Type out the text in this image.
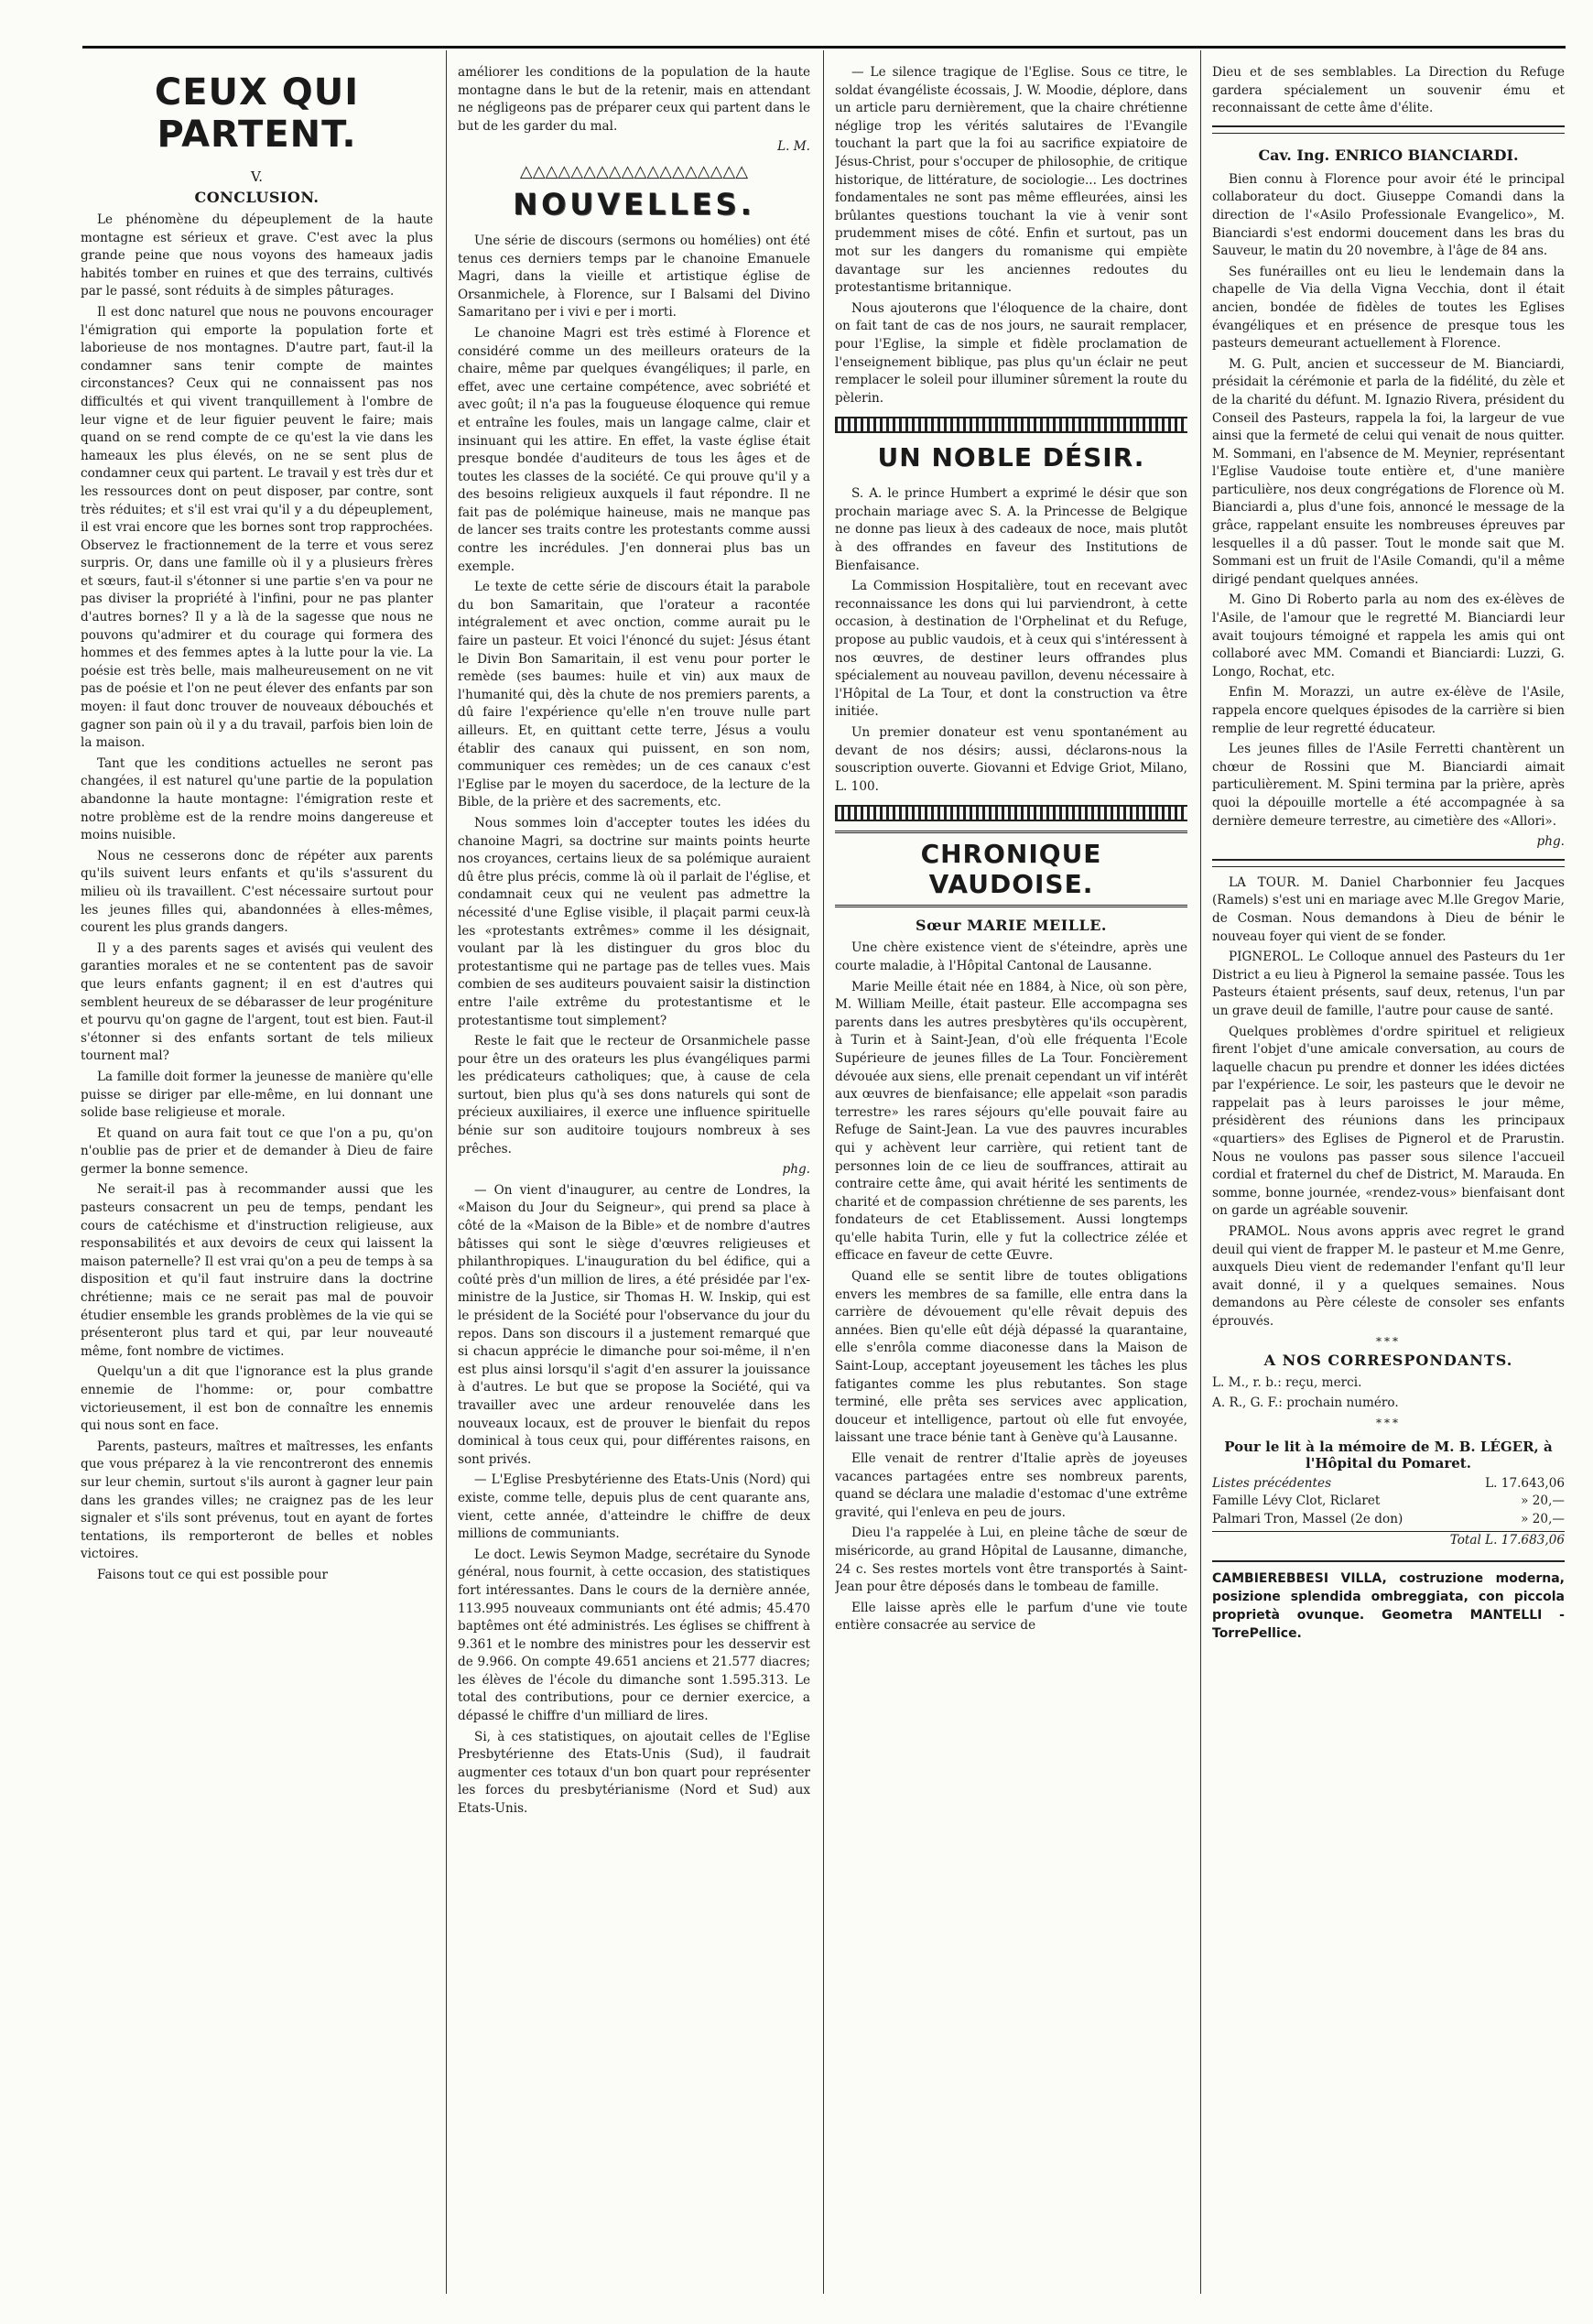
CEUX QUI PARTENT.
V.
CONCLUSION.

Le phénomène du dépeuplement de la haute montagne est sérieux et grave. C'est avec la plus grande peine que nous voyons des hameaux jadis habités tomber en ruines et que des terrains, cultivés par le passé, sont réduits à de simples pâturages.

Il est donc naturel que nous ne pouvons encourager l'émigration qui emporte la population forte et laborieuse de nos montagnes. D'autre part, faut-il la condamner sans tenir compte de maintes circonstances? Ceux qui ne connaissent pas nos difficultés et qui vivent tranquillement à l'ombre de leur vigne et de leur figuier peuvent le faire; mais quand on se rend compte de ce qu'est la vie dans les hameaux les plus élevés, on ne se sent plus de condamner ceux qui partent. Le travail y est très dur et les ressources dont on peut disposer, par contre, sont très réduites; et s'il est vrai qu'il y a du dépeuplement, il est vrai encore que les bornes sont trop rapprochées. Observez le fractionnement de la terre et vous serez surpris. Or, dans une famille où il y a plusieurs frères et sœurs, faut-il s'étonner si une partie s'en va pour ne pas diviser la propriété à l'infini, pour ne pas planter d'autres bornes? Il y a là de la sagesse que nous ne pouvons qu'admirer et du courage qui formera des hommes et des femmes aptes à la lutte pour la vie. La poésie est très belle, mais malheureusement on ne vit pas de poésie et l'on ne peut élever des enfants par son moyen: il faut donc trouver de nouveaux débouchés et gagner son pain où il y a du travail, parfois bien loin de la maison.

Tant que les conditions actuelles ne seront pas changées, il est naturel qu'une partie de la population abandonne la haute montagne: l'émigration reste et notre problème est de la rendre moins dangereuse et moins nuisible.

Nous ne cesserons donc de répéter aux parents qu'ils suivent leurs enfants et qu'ils s'assurent du milieu où ils travaillent. C'est nécessaire surtout pour les jeunes filles qui, abandonnées à elles-mêmes, courent les plus grands dangers.

Il y a des parents sages et avisés qui veulent des garanties morales et ne se contentent pas de savoir que leurs enfants gagnent; il en est d'autres qui semblent heureux de se débarasser de leur progéniture et pourvu qu'on gagne de l'argent, tout est bien. Faut-il s'étonner si des enfants sortant de tels milieux tournent mal?

La famille doit former la jeunesse de manière qu'elle puisse se diriger par elle-même, en lui donnant une solide base religieuse et morale.

Et quand on aura fait tout ce que l'on a pu, qu'on n'oublie pas de prier et de demander à Dieu de faire germer la bonne semence.

Ne serait-il pas à recommander aussi que les pasteurs consacrent un peu de temps, pendant les cours de catéchisme et d'instruction religieuse, aux responsabilités et aux devoirs de ceux qui laissent la maison paternelle? Il est vrai qu'on a peu de temps à sa disposition et qu'il faut instruire dans la doctrine chrétienne; mais ce ne serait pas mal de pouvoir étudier ensemble les grands problèmes de la vie qui se présenteront plus tard et qui, par leur nouveauté même, font nombre de victimes.

Quelqu'un a dit que l'ignorance est la plus grande ennemie de l'homme: or, pour combattre victorieusement, il est bon de connaître les ennemis qui nous sont en face.

Parents, pasteurs, maîtres et maîtresses, les enfants que vous préparez à la vie rencontreront des ennemis sur leur chemin, surtout s'ils auront à gagner leur pain dans les grandes villes; ne craignez pas de les leur signaler et s'ils sont prévenus, tout en ayant de fortes tentations, ils remporteront de belles et nobles victoires.

Faisons tout ce qui est possible pour

améliorer les conditions de la population de la haute montagne dans le but de la retenir, mais en attendant ne négligeons pas de préparer ceux qui partent dans le but de les garder du mal.

L. M.

△△△△△△△△△△△△△△△△△△
NOUVELLES.

Une série de discours (sermons ou homélies) ont été tenus ces derniers temps par le chanoine Emanuele Magri, dans la vieille et artistique église de Orsanmichele, à Florence, sur I Balsami del Divino Samaritano per i vivi e per i morti.

Le chanoine Magri est très estimé à Florence et considéré comme un des meilleurs orateurs de la chaire, même par quelques évangéliques; il parle, en effet, avec une certaine compétence, avec sobriété et avec goût; il n'a pas la fougueuse éloquence qui remue et entraîne les foules, mais un langage calme, clair et insinuant qui les attire. En effet, la vaste église était presque bondée d'auditeurs de tous les âges et de toutes les classes de la société. Ce qui prouve qu'il y a des besoins religieux auxquels il faut répondre. Il ne fait pas de polémique haineuse, mais ne manque pas de lancer ses traits contre les protestants comme aussi contre les incrédules. J'en donnerai plus bas un exemple.

Le texte de cette série de discours était la parabole du bon Samaritain, que l'orateur a racontée intégralement et avec onction, comme aurait pu le faire un pasteur. Et voici l'énoncé du sujet: Jésus étant le Divin Bon Samaritain, il est venu pour porter le remède (ses baumes: huile et vin) aux maux de l'humanité qui, dès la chute de nos premiers parents, a dû faire l'expérience qu'elle n'en trouve nulle part ailleurs. Et, en quittant cette terre, Jésus a voulu établir des canaux qui puissent, en son nom, communiquer ces remèdes; un de ces canaux c'est l'Eglise par le moyen du sacerdoce, de la lecture de la Bible, de la prière et des sacrements, etc.

Nous sommes loin d'accepter toutes les idées du chanoine Magri, sa doctrine sur maints points heurte nos croyances, certains lieux de sa polémique auraient dû être plus précis, comme là où il parlait de l'église, et condamnait ceux qui ne veulent pas admettre la nécessité d'une Eglise visible, il plaçait parmi ceux-là les «protestants extrêmes» comme il les désignait, voulant par là les distinguer du gros bloc du protestantisme qui ne partage pas de telles vues. Mais combien de ses auditeurs pouvaient saisir la distinction entre l'aile extrême du protestantisme et le protestantisme tout simplement?

Reste le fait que le recteur de Orsanmichele passe pour être un des orateurs les plus évangéliques parmi les prédicateurs catholiques; que, à cause de cela surtout, bien plus qu'à ses dons naturels qui sont de précieux auxiliaires, il exerce une influence spirituelle bénie sur son auditoire toujours nombreux à ses prêches.

phg.

— On vient d'inaugurer, au centre de Londres, la «Maison du Jour du Seigneur», qui prend sa place à côté de la «Maison de la Bible» et de nombre d'autres bâtisses qui sont le siège d'œuvres religieuses et philanthropiques. L'inauguration du bel édifice, qui a coûté près d'un million de lires, a été présidée par l'ex-ministre de la Justice, sir Thomas H. W. Inskip, qui est le président de la Société pour l'observance du jour du repos. Dans son discours il a justement remarqué que si chacun apprécie le dimanche pour soi-même, il n'en est plus ainsi lorsqu'il s'agit d'en assurer la jouissance à d'autres. Le but que se propose la Société, qui va travailler avec une ardeur renouvelée dans les nouveaux locaux, est de prouver le bienfait du repos dominical à tous ceux qui, pour différentes raisons, en sont privés.

— L'Eglise Presbytérienne des Etats-Unis (Nord) qui existe, comme telle, depuis plus de cent quarante ans, vient, cette année, d'atteindre le chiffre de deux millions de communiants.

Le doct. Lewis Seymon Madge, secrétaire du Synode général, nous fournit, à cette occasion, des statistiques fort intéressantes. Dans le cours de la dernière année, 113.995 nouveaux communiants ont été admis; 45.470 baptêmes ont été administrés. Les églises se chiffrent à 9.361 et le nombre des ministres pour les desservir est de 9.966. On compte 49.651 anciens et 21.577 diacres; les élèves de l'école du dimanche sont 1.595.313. Le total des contributions, pour ce dernier exercice, a dépassé le chiffre d'un milliard de lires.

Si, à ces statistiques, on ajoutait celles de l'Eglise Presbytérienne des Etats-Unis (Sud), il faudrait augmenter ces totaux d'un bon quart pour représenter les forces du presbytérianisme (Nord et Sud) aux Etats-Unis.

— Le silence tragique de l'Eglise. Sous ce titre, le soldat évangéliste écossais, J. W. Moodie, déplore, dans un article paru dernièrement, que la chaire chrétienne néglige trop les vérités salutaires de l'Evangile touchant la part que la foi au sacrifice expiatoire de Jésus-Christ, pour s'occuper de philosophie, de critique historique, de littérature, de sociologie... Les doctrines fondamentales ne sont pas même effleurées, ainsi les brûlantes questions touchant la vie à venir sont prudemment mises de côté. Enfin et surtout, pas un mot sur les dangers du romanisme qui empiète davantage sur les anciennes redoutes du protestantisme britannique.

Nous ajouterons que l'éloquence de la chaire, dont on fait tant de cas de nos jours, ne saurait remplacer, pour l'Eglise, la simple et fidèle proclamation de l'enseignement biblique, pas plus qu'un éclair ne peut remplacer le soleil pour illuminer sûrement la route du pèlerin.

UN NOBLE DÉSIR.

S. A. le prince Humbert a exprimé le désir que son prochain mariage avec S. A. la Princesse de Belgique ne donne pas lieux à des cadeaux de noce, mais plutôt à des offrandes en faveur des Institutions de Bienfaisance.

La Commission Hospitalière, tout en recevant avec reconnaissance les dons qui lui parviendront, à cette occasion, à destination de l'Orphelinat et du Refuge, propose au public vaudois, et à ceux qui s'intéressent à nos œuvres, de destiner leurs offrandes plus spécialement au nouveau pavillon, devenu nécessaire à l'Hôpital de La Tour, et dont la construction va être initiée.

Un premier donateur est venu spontanément au devant de nos désirs; aussi, déclarons-nous la souscription ouverte. Giovanni et Edvige Griot, Milano, L. 100.

CHRONIQUE VAUDOISE.
Sœur MARIE MEILLE.

Une chère existence vient de s'éteindre, après une courte maladie, à l'Hôpital Cantonal de Lausanne.

Marie Meille était née en 1884, à Nice, où son père, M. William Meille, était pasteur. Elle accompagna ses parents dans les autres presbytères qu'ils occupèrent, à Turin et à Saint-Jean, d'où elle fréquenta l'Ecole Supérieure de jeunes filles de La Tour. Foncièrement dévouée aux siens, elle prenait cependant un vif intérêt aux œuvres de bienfaisance; elle appelait «son paradis terrestre» les rares séjours qu'elle pouvait faire au Refuge de Saint-Jean. La vue des pauvres incurables qui y achèvent leur carrière, qui retient tant de personnes loin de ce lieu de souffrances, attirait au contraire cette âme, qui avait hérité les sentiments de charité et de compassion chrétienne de ses parents, les fondateurs de cet Etablissement. Aussi longtemps qu'elle habita Turin, elle y fut la collectrice zélée et efficace en faveur de cette Œuvre.

Quand elle se sentit libre de toutes obligations envers les membres de sa famille, elle entra dans la carrière de dévouement qu'elle rêvait depuis des années. Bien qu'elle eût déjà dépassé la quarantaine, elle s'enrôla comme diaconesse dans la Maison de Saint-Loup, acceptant joyeusement les tâches les plus fatigantes comme les plus rebutantes. Son stage terminé, elle prêta ses services avec application, douceur et intelligence, partout où elle fut envoyée, laissant une trace bénie tant à Genève qu'à Lausanne.

Elle venait de rentrer d'Italie après de joyeuses vacances partagées entre ses nombreux parents, quand se déclara une maladie d'estomac d'une extrême gravité, qui l'enleva en peu de jours.

Dieu l'a rappelée à Lui, en pleine tâche de sœur de miséricorde, au grand Hôpital de Lausanne, dimanche, 24 c. Ses restes mortels vont être transportés à Saint-Jean pour être déposés dans le tombeau de famille.

Elle laisse après elle le parfum d'une vie toute entière consacrée au service de

Dieu et de ses semblables. La Direction du Refuge gardera spécialement un souvenir ému et reconnaissant de cette âme d'élite.

Cav. Ing. ENRICO BIANCIARDI.

Bien connu à Florence pour avoir été le principal collaborateur du doct. Giuseppe Comandi dans la direction de l'«Asilo Professionale Evangelico», M. Bianciardi s'est endormi doucement dans les bras du Sauveur, le matin du 20 novembre, à l'âge de 84 ans.

Ses funérailles ont eu lieu le lendemain dans la chapelle de Via della Vigna Vecchia, dont il était ancien, bondée de fidèles de toutes les Eglises évangéliques et en présence de presque tous les pasteurs demeurant actuellement à Florence.

M. G. Pult, ancien et successeur de M. Bianciardi, présidait la cérémonie et parla de la fidélité, du zèle et de la charité du défunt. M. Ignazio Rivera, président du Conseil des Pasteurs, rappela la foi, la largeur de vue ainsi que la fermeté de celui qui venait de nous quitter. M. Sommani, en l'absence de M. Meynier, représentant l'Eglise Vaudoise toute entière et, d'une manière particulière, nos deux congrégations de Florence où M. Bianciardi a, plus d'une fois, annoncé le message de la grâce, rappelant ensuite les nombreuses épreuves par lesquelles il a dû passer. Tout le monde sait que M. Sommani est un fruit de l'Asile Comandi, qu'il a même dirigé pendant quelques années.

M. Gino Di Roberto parla au nom des ex-élèves de l'Asile, de l'amour que le regretté M. Bianciardi leur avait toujours témoigné et rappela les amis qui ont collaboré avec MM. Comandi et Bianciardi: Luzzi, G. Longo, Rochat, etc.

Enfin M. Morazzi, un autre ex-élève de l'Asile, rappela encore quelques épisodes de la carrière si bien remplie de leur regretté éducateur.

Les jeunes filles de l'Asile Ferretti chantèrent un chœur de Rossini que M. Bianciardi aimait particulièrement. M. Spini termina par la prière, après quoi la dépouille mortelle a été accompagnée à sa dernière demeure terrestre, au cimetière des «Allori».

phg.

LA TOUR. M. Daniel Charbonnier feu Jacques (Ramels) s'est uni en mariage avec M.lle Gregov Marie, de Cosman. Nous demandons à Dieu de bénir le nouveau foyer qui vient de se fonder.

PIGNEROL. Le Colloque annuel des Pasteurs du 1er District a eu lieu à Pignerol la semaine passée. Tous les Pasteurs étaient présents, sauf deux, retenus, l'un par un grave deuil de famille, l'autre pour cause de santé.

Quelques problèmes d'ordre spirituel et religieux firent l'objet d'une amicale conversation, au cours de laquelle chacun pu prendre et donner les idées dictées par l'expérience. Le soir, les pasteurs que le devoir ne rappelait pas à leurs paroisses le jour même, présidèrent des réunions dans les principaux «quartiers» des Eglises de Pignerol et de Prarustin. Nous ne voulons pas passer sous silence l'accueil cordial et fraternel du chef de District, M. Marauda. En somme, bonne journée, «rendez-vous» bienfaisant dont on garde un agréable souvenir.

PRAMOL. Nous avons appris avec regret le grand deuil qui vient de frapper M. le pasteur et M.me Genre, auxquels Dieu vient de redemander l'enfant qu'Il leur avait donné, il y a quelques semaines. Nous demandons au Père céleste de consoler ses enfants éprouvés.

***
A NOS CORRESPONDANTS.

L. M., r. b.: reçu, merci.

A. R., G. F.: prochain numéro.

***
Pour le lit à la mémoire de M. B. LÉGER, à l'Hôpital du Pomaret.
Listes précédentes	L. 17.643,06
Famille Lévy Clot, Riclaret	» 20,—
Palmari Tron, Massel (2e don)	» 20,—
Total L. 17.683,06
CAMBIEREBBESI VILLA, costruzione moderna, posizione splendida ombreggiata, con piccola proprietà ovunque. Geometra MANTELLI - TorrePellice.
